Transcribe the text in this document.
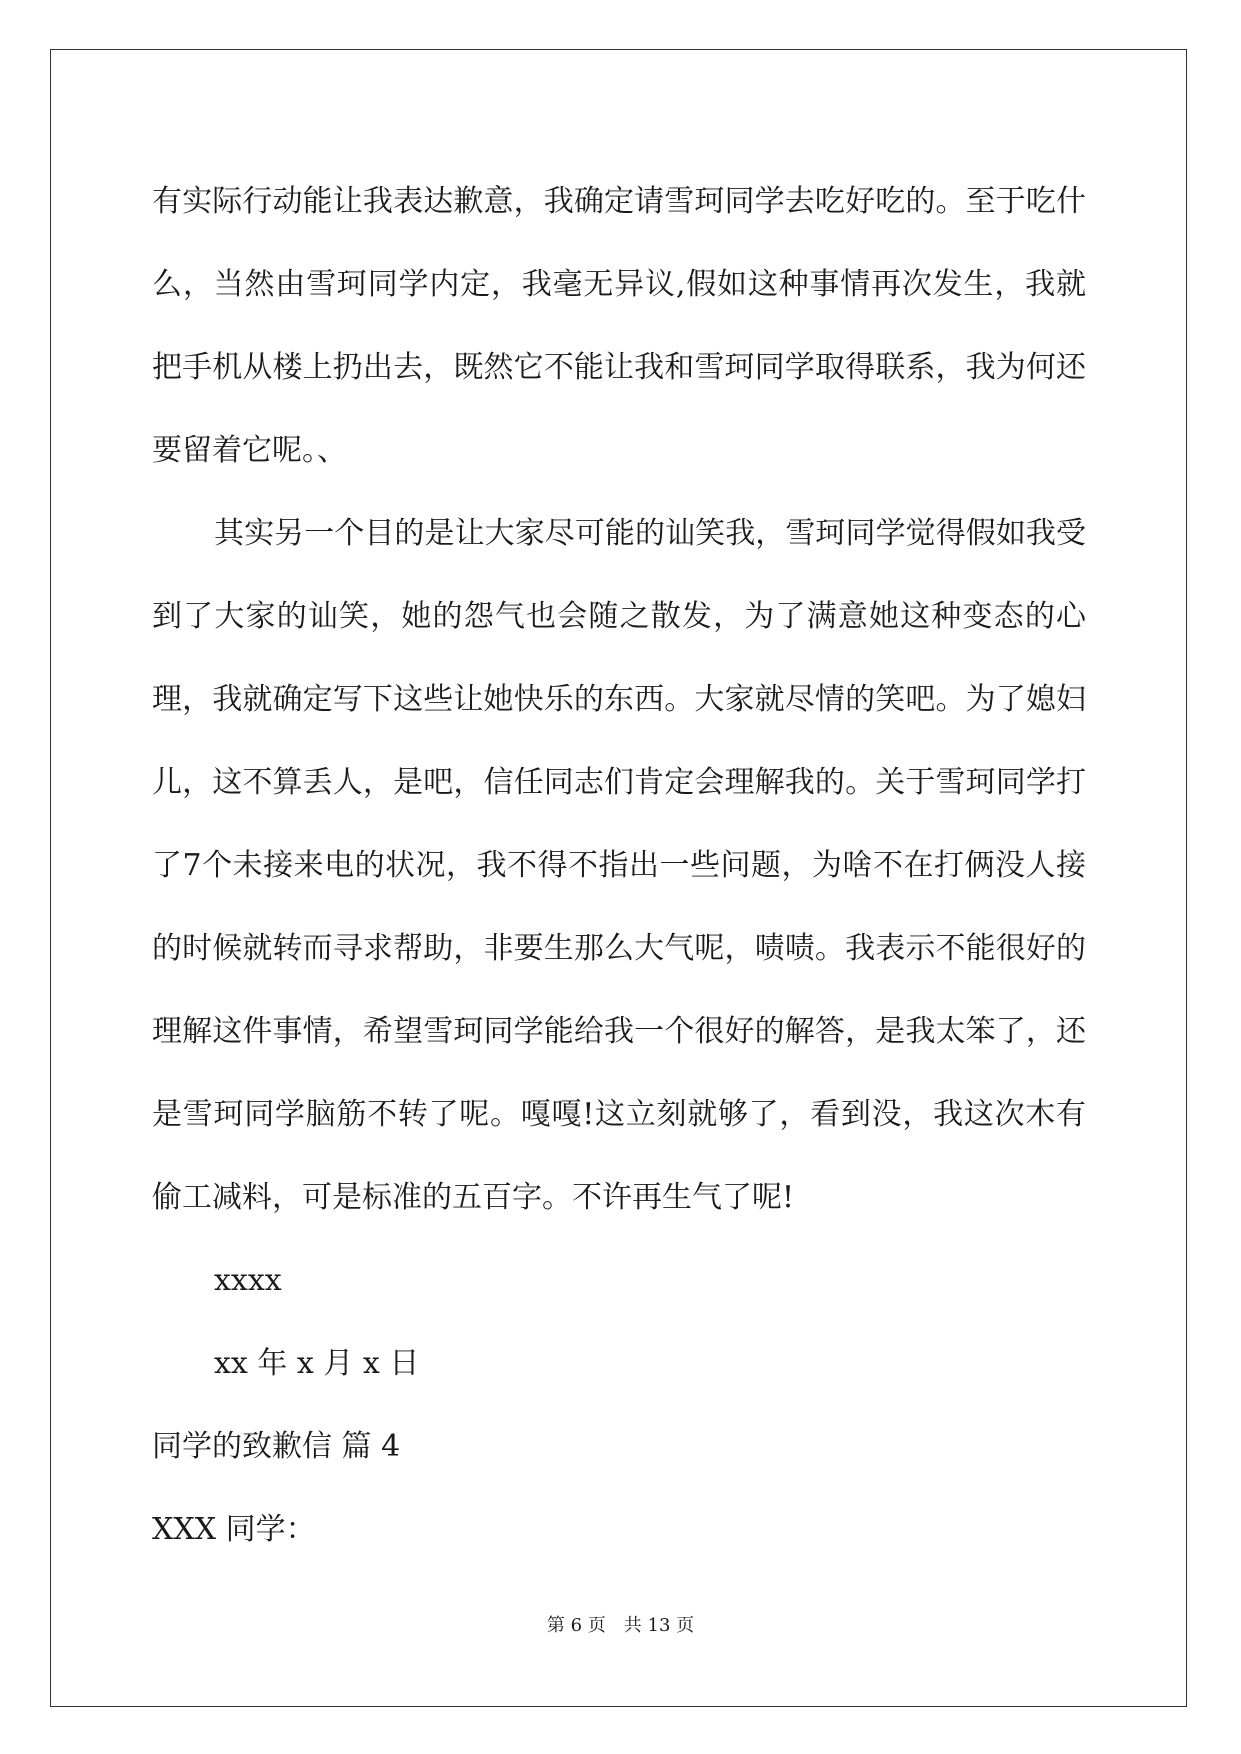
有实际行动能让我表达歉意，我确定请雪珂同学去吃好吃的。至于吃什么，当然由雪珂同学内定，我毫无异议,假如这种事情再次发生，我就把手机从楼上扔出去，既然它不能让我和雪珂同学取得联系，我为何还要留着它呢。、

其实另一个目的是让大家尽可能的讪笑我，雪珂同学觉得假如我受到了大家的讪笑，她的怨气也会随之散发，为了满意她这种变态的心理，我就确定写下这些让她快乐的东西。大家就尽情的笑吧。为了媳妇儿，这不算丢人，是吧，信任同志们肯定会理解我的。关于雪珂同学打了7个未接来电的状况，我不得不指出一些问题，为啥不在打俩没人接的时候就转而寻求帮助，非要生那么大气呢，啧啧。我表示不能很好的理解这件事情，希望雪珂同学能给我一个很好的解答，是我太笨了，还是雪珂同学脑筋不转了呢。嘎嘎!这立刻就够了，看到没，我这次木有偷工减料，可是标准的五百字。不许再生气了呢!

xxxx

xx 年 x 月 x 日

同学的致歉信 篇 4

XXX 同学：

第 6 页 共 13 页
